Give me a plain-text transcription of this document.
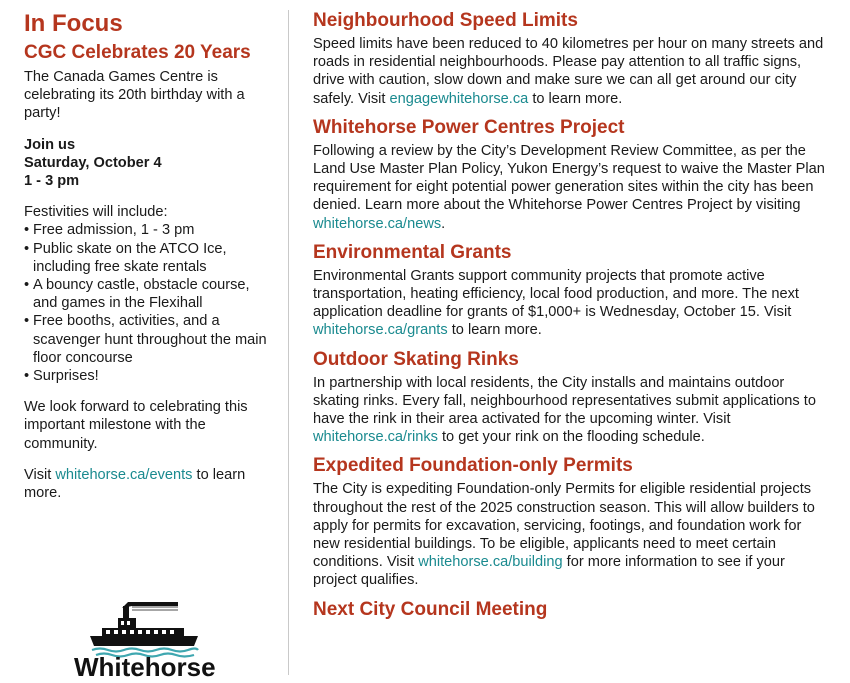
In Focus
CGC Celebrates 20 Years

The Canada Games Centre is celebrating its 20th birthday with a party!

Join us
Saturday, October 4
1 - 3 pm

Festivities will include:

• Free admission, 1 - 3 pm
• Public skate on the ATCO Ice, including free skate rentals
• A bouncy castle, obstacle course, and games in the Flexihall
• Free booths, activities, and a scavenger hunt throughout the main floor concourse
• Surprises!

We look forward to celebrating this important milestone with the community.

Visit whitehorse.ca/events to learn more.

Whitehorse
Neighbourhood Speed Limits

Speed limits have been reduced to 40 kilometres per hour on many streets and roads in residential neighbourhoods. Please pay attention to all traffic signs, drive with caution, slow down and make sure we can all get around our city safely. Visit engagewhitehorse.ca to learn more.

Whitehorse Power Centres Project

Following a review by the City’s Development Review Committee, as per the Land Use Master Plan Policy, Yukon Energy’s request to waive the Master Plan requirement for eight potential power generation sites within the city has been denied. Learn more about the Whitehorse Power Centres Project by visiting whitehorse.ca/news.

Environmental Grants

Environmental Grants support community projects that promote active transportation, heating efficiency, local food production, and more. The next application deadline for grants of $1,000+ is Wednesday, October 15. Visit whitehorse.ca/grants to learn more.

Outdoor Skating Rinks

In partnership with local residents, the City installs and maintains outdoor skating rinks. Every fall, neighbourhood representatives submit applications to have the rink in their area activated for the upcoming winter. Visit whitehorse.ca/rinks to get your rink on the flooding schedule.

Expedited Foundation-only Permits

The City is expediting Foundation-only Permits for eligible residential projects throughout the rest of the 2025 construction season. This will allow builders to apply for permits for excavation, servicing, footings, and foundation work for new residential buildings. To be eligible, applicants need to meet certain conditions. Visit whitehorse.ca/building for more information to see if your project qualifies.

Next City Council Meeting
